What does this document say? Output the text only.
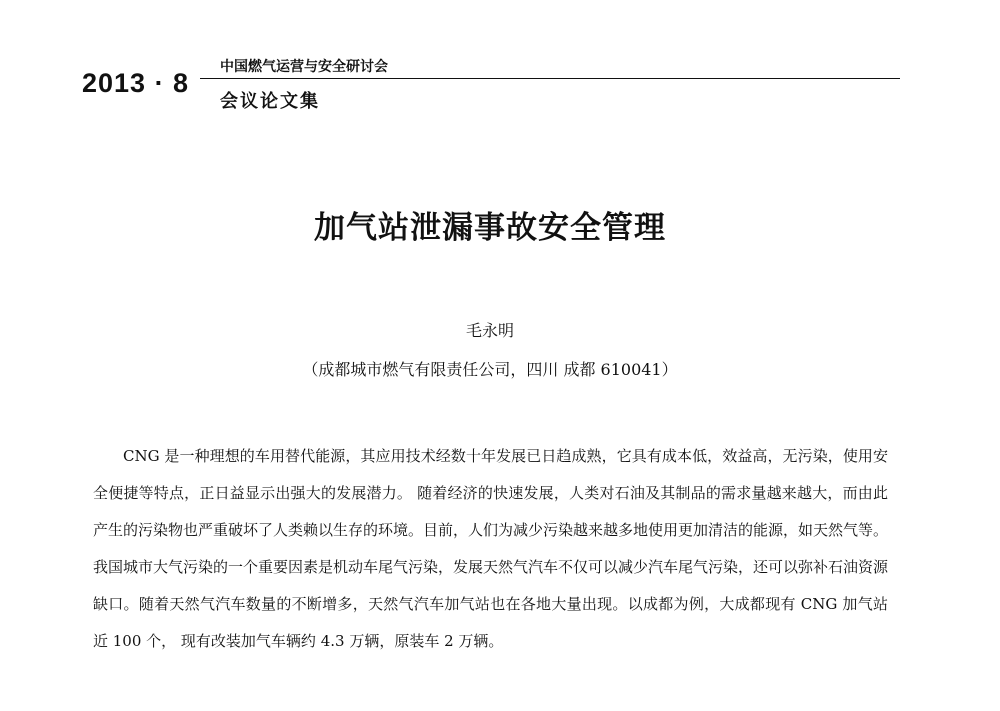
2013 · 8
中国燃气运营与安全研讨会
会议论文集
加气站泄漏事故安全管理
毛永明
（成都城市燃气有限责任公司，四川 成都 610041）

CNG 是一种理想的车用替代能源，其应用技术经数十年发展已日趋成熟，它具有成本低，效益高，无污染，使用安全便捷等特点，正日益显示出强大的发展潜力。 随着经济的快速发展，人类对石油及其制品的需求量越来越大，而由此产生的污染物也严重破坏了人类赖以生存的环境。目前，人们为减少污染越来越多地使用更加清洁的能源，如天然气等。我国城市大气污染的一个重要因素是机动车尾气污染，发展天然气汽车不仅可以减少汽车尾气污染，还可以弥补石油资源缺口。随着天然气汽车数量的不断增多，天然气汽车加气站也在各地大量出现。以成都为例，大成都现有 CNG 加气站 近 100 个， 现有改装加气车辆约 4.3 万辆，原装车 2 万辆。
